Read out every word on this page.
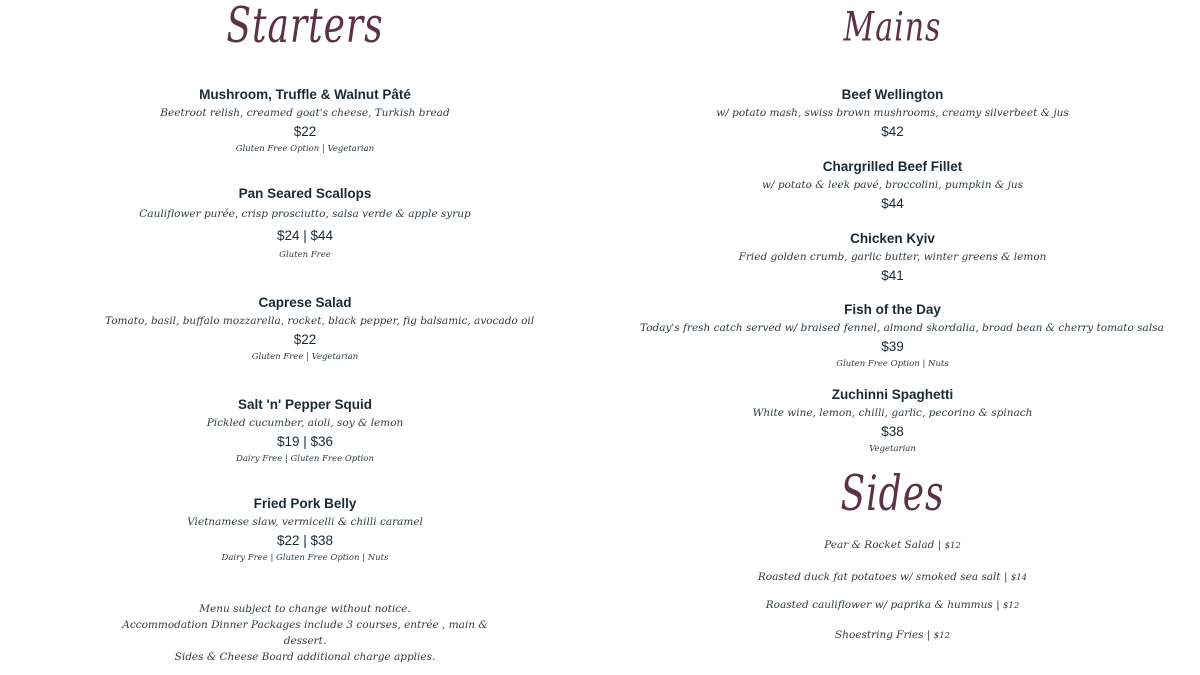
Starters
Mushroom, Truffle & Walnut Pâté
Beetroot relish, creamed goat's cheese, Turkish bread
$22
Gluten Free Option | Vegetarian
Pan Seared Scallops
Cauliflower purée, crisp prosciutto, salsa verde & apple syrup
$24 | $44
Gluten Free
Caprese Salad
Tomato, basil, buffalo mozzarella, rocket, black pepper, fig balsamic, avocado oil
$22
Gluten Free | Vegetarian
Salt 'n' Pepper Squid
Pickled cucumber, aioli, soy & lemon
$19 | $36
Dairy Free | Gluten Free Option
Fried Pork Belly
Vietnamese slaw, vermicelli & chilli caramel
$22 | $38
Dairy Free | Gluten Free Option | Nuts
Menu subject to change without notice.
Accommodation Dinner Packages include 3 courses, entrée , main & dessert.
Sides & Cheese Board additional charge applies.
Mains
Beef Wellington
w/ potato mash, swiss brown mushrooms, creamy silverbeet & jus
$42
Chargrilled Beef Fillet
w/ potato & leek pavé, broccolini, pumpkin & jus
$44
Chicken Kyiv
Fried golden crumb, garlic butter, winter greens & lemon
$41
Fish of the Day
Today's fresh catch served w/ braised fennel, almond skordalia, broad bean & cherry tomato salsa
$39
Gluten Free Option | Nuts
Zuchinni Spaghetti
White wine, lemon, chilli, garlic, pecorino & spinach
$38
Vegetarian
Sides
Pear & Rocket Salad | $12
Roasted duck fat potatoes w/ smoked sea salt | $14
Roasted cauliflower w/ paprika & hummus | $12
Shoestring Fries | $12
